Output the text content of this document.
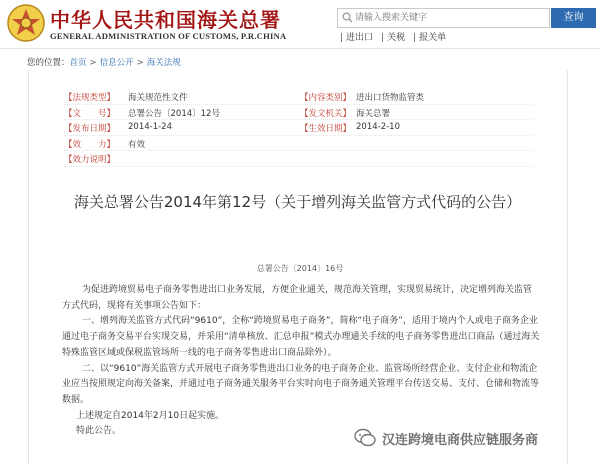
中华人民共和国海关总署
GENERAL ADMINISTRATION OF CUSTOMS, P.R.CHINA
请输入搜索关键字
查询
| 进出口 | 关税 | 报关单
您的位置：首页 > 信息公开 > 海关法规
【法规类型】 海关规范性文件	【内容类别】 进出口货物监管类
【文　　号】 总署公告〔2014〕12号	【发文机关】 海关总署
【发布日期】 2014-1-24	【生效日期】 2014-2-10
【效　　力】 有效
【效力说明】
海关总署公告2014年第12号（关于增列海关监管方式代码的公告）
总署公告〔2014〕16号

为促进跨境贸易电子商务零售进出口业务发展，方便企业通关，规范海关管理，实现贸易统计，决定增列海关监管方式代码，现将有关事项公告如下：

一、增列海关监管方式代码“9610”，全称“跨境贸易电子商务”，简称“电子商务”，适用于境内个人或电子商务企业通过电子商务交易平台实现交易，并采用“清单核放、汇总申报”模式办理通关手续的电子商务零售进出口商品（通过海关特殊监管区域或保税监管场所一线的电子商务零售进出口商品除外）。

二、以“9610”海关监管方式开展电子商务零售进出口业务的电子商务企业、监管场所经营企业、支付企业和物流企业应当按照规定向海关备案，并通过电子商务通关服务平台实时向电子商务通关管理平台传送交易、支付、仓储和物流等数据。

上述规定自2014年2月10日起实施。

特此公告。

汉连跨境电商供应链服务商
